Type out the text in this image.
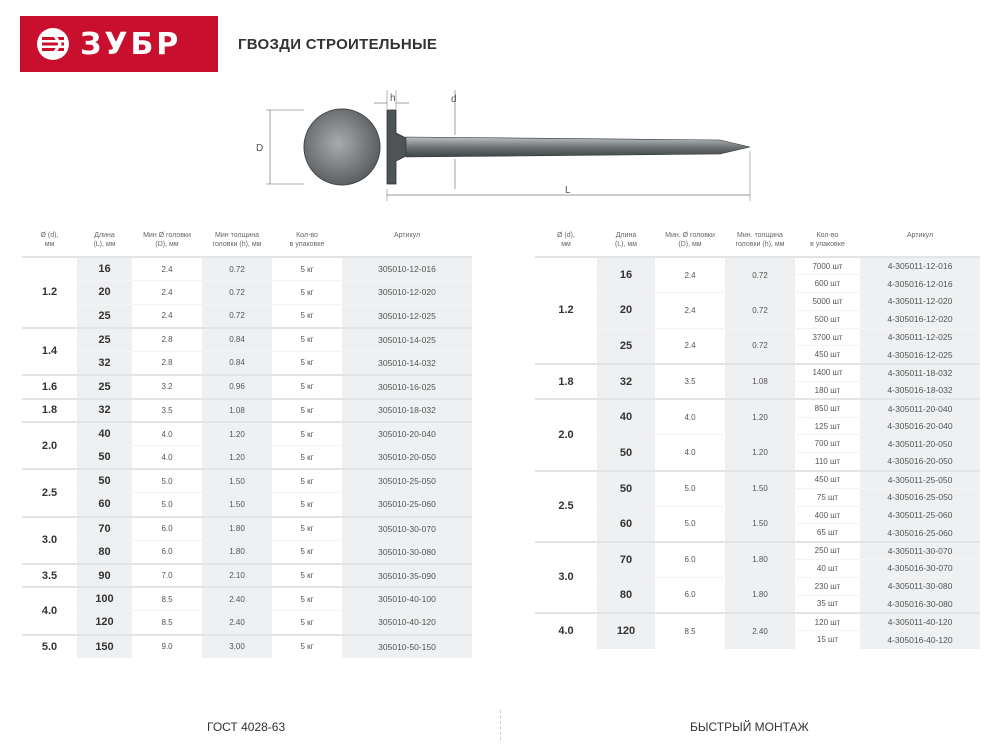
ЗУБР	ГВОЗДИ СТРОИТЕЛЬНЫЕ
D
h	d
L
Ø (d),
мм
Длина
(L), мм
Мин Ø головки
(D), мм
Мин толщина
головки (h), мм
Кол-во
в упаковке
Артикул
1.2	16	2.4	0.72	5 кг	305010-12-016
	20	2.4	0.72	5 кг	305010-12-020
	25	2.4	0.72	5 кг	305010-12-025
1.4	25	2.8	0.84	5 кг	305010-14-025
	32	2.8	0.84	5 кг	305010-14-032
1.6	25	3.2	0.96	5 кг	305010-16-025
1.8	32	3.5	1.08	5 кг	305010-18-032
2.0	40	4.0	1.20	5 кг	305010-20-040
	50	4.0	1.20	5 кг	305010-20-050
2.5	50	5.0	1.50	5 кг	305010-25-050
	60	5.0	1.50	5 кг	305010-25-060
3.0	70	6.0	1.80	5 кг	305010-30-070
	80	6.0	1.80	5 кг	305010-30-080
3.5	90	7.0	2.10	5 кг	305010-35-090
4.0	100	8.5	2.40	5 кг	305010-40-100
	120	8.5	2.40	5 кг	305010-40-120
5.0	150	9.0	3.00	5 кг	305010-50-150
Ø (d),
мм
Длина
(L), мм
Мин. Ø головки
(D), мм
Мин. толщина
головки (h), мм
Кол-во
в упаковке
Артикул
1.2	16	2.4	0.72	7000 шт	4-305011-12-016
				600 шт	4-305016-12-016
	20	2.4	0.72	5000 шт	4-305011-12-020
				500 шт	4-305016-12-020
	25	2.4	0.72	3700 шт	4-305011-12-025
				450 шт	4-305016-12-025
1.8	32	3.5	1.08	1400 шт	4-305011-18-032
				180 шт	4-305016-18-032
2.0	40	4.0	1.20	850 шт	4-305011-20-040
				125 шт	4-305016-20-040
	50	4.0	1.20	700 шт	4-305011-20-050
				110 шт	4-305016-20-050
2.5	50	5.0	1.50	450 шт	4-305011-25-050
				75 шт	4-305016-25-050
	60	5.0	1.50	400 шт	4-305011-25-060
				65 шт	4-305016-25-060
3.0	70	6.0	1.80	250 шт	4-305011-30-070
				40 шт	4-305016-30-070
	80	6.0	1.80	230 шт	4-305011-30-080
				35 шт	4-305016-30-080
4.0	120	8.5	2.40	120 шт	4-305011-40-120
				15 шт	4-305016-40-120
ГОСТ 4028-63	БЫСТРЫЙ МОНТАЖ
